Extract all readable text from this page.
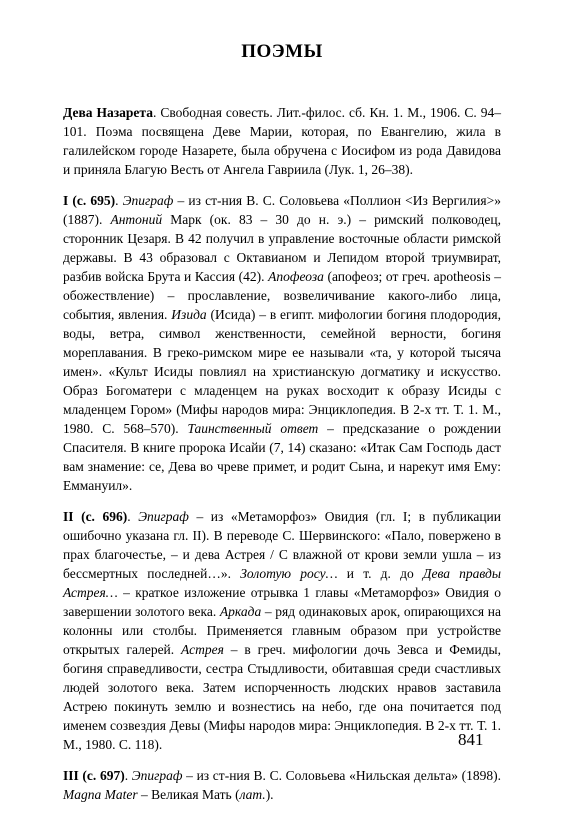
ПОЭМЫ

Дева Назарета. Свободная совесть. Лит.-филос. сб. Кн. 1. М., 1906. С. 94–101. Поэма посвящена Деве Марии, которая, по Евангелию, жила в галилейском городе Назарете, была обручена с Иосифом из рода Давидова и приняла Благую Весть от Ангела Гавриила (Лук. 1, 26–38).

I (с. 695). Эпиграф – из ст-ния В. С. Соловьева «Поллион <Из Вергилия>» (1887). Антоний Марк (ок. 83 – 30 до н. э.) – римский полководец, сторонник Цезаря. В 42 получил в управление восточные области римской державы. В 43 образовал с Октавианом и Лепидом второй триумвират, разбив войска Брута и Кассия (42). Апофеоза (апофеоз; от греч. apotheosis – обожествление) – прославление, возвеличивание какого-либо лица, события, явления. Изида (Исида) – в египт. мифологии богиня плодородия, воды, ветра, символ женственности, семейной верности, богиня мореплавания. В греко-римском мире ее называли «та, у которой тысяча имен». «Культ Исиды повлиял на христианскую догматику и искусство. Образ Богоматери с младенцем на руках восходит к образу Исиды с младенцем Гором» (Мифы народов мира: Энциклопедия. В 2-х тт. Т. 1. М., 1980. С. 568–570). Таинственный ответ – предсказание о рождении Спасителя. В книге пророка Исайи (7, 14) сказано: «Итак Сам Господь даст вам знамение: се, Дева во чреве примет, и родит Сына, и нарекут имя Ему: Еммануил».

II (с. 696). Эпиграф – из «Метаморфоз» Овидия (гл. I; в публикации ошибочно указана гл. II). В переводе С. Шервинского: «Пало, повержено в прах благочестье, – и дева Астрея / С влажной от крови земли ушла – из бессмертных последней…». Золотую росу… и т. д. до Дева правды Астрея… – краткое изложение отрывка 1 главы «Метаморфоз» Овидия о завершении золотого века. Аркада – ряд одинаковых арок, опирающихся на колонны или столбы. Применяется главным образом при устройстве открытых галерей. Астрея – в греч. мифологии дочь Зевса и Фемиды, богиня справедливости, сестра Стыдливости, обитавшая среди счастливых людей золотого века. Затем испорченность людских нравов заставила Астрею покинуть землю и вознестись на небо, где она почитается под именем созвездия Девы (Мифы народов мира: Энциклопедия. В 2-х тт. Т. 1. М., 1980. С. 118).

III (с. 697). Эпиграф – из ст-ния В. С. Соловьева «Нильская дельта» (1898). Magna Mater – Великая Мать (лат.).

841
